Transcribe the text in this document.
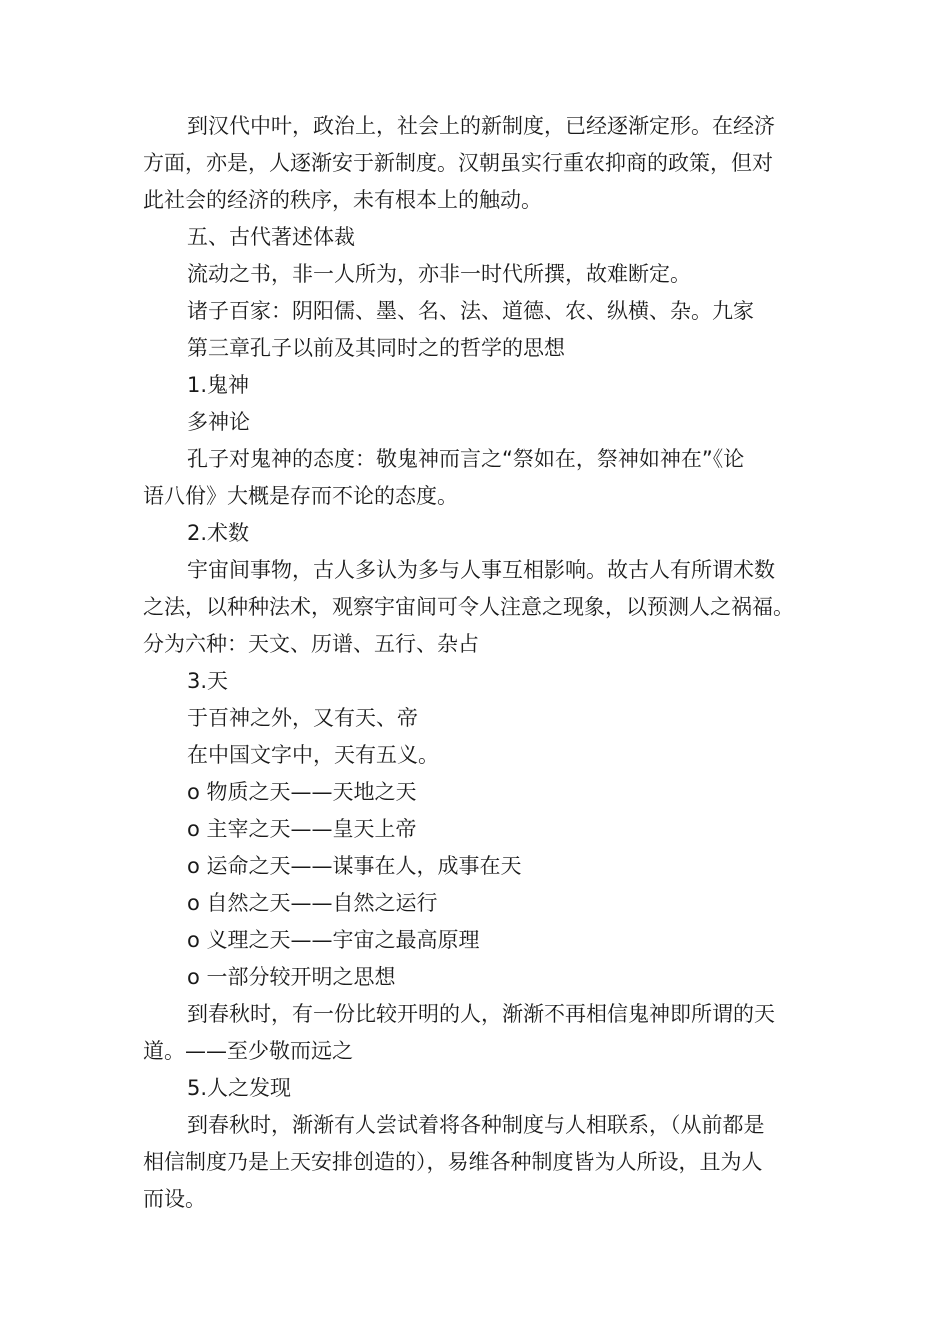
到汉代中叶，政治上，社会上的新制度，已经逐渐定形。在经济
方面，亦是，人逐渐安于新制度。汉朝虽实行重农抑商的政策，但对
此社会的经济的秩序，未有根本上的触动。
五、古代著述体裁
流动之书，非一人所为，亦非一时代所撰，故难断定。
诸子百家：阴阳儒、墨、名、法、道德、农、纵横、杂。九家
第三章孔子以前及其同时之的哲学的思想
1.鬼神
多神论
孔子对鬼神的态度：敬鬼神而言之“祭如在，祭神如神在”《论
语八佾》大概是存而不论的态度。
2.术数
宇宙间事物，古人多认为多与人事互相影响。故古人有所谓术数
之法，以种种法术，观察宇宙间可令人注意之现象，以预测人之祸福。
分为六种：天文、历谱、五行、杂占
3.天
于百神之外，又有天、帝
在中国文字中，天有五义。
o 物质之天——天地之天
o 主宰之天——皇天上帝
o 运命之天——谋事在人，成事在天
o 自然之天——自然之运行
o 义理之天——宇宙之最高原理
o 一部分较开明之思想
到春秋时，有一份比较开明的人，渐渐不再相信鬼神即所谓的天
道。——至少敬而远之
5.人之发现
到春秋时，渐渐有人尝试着将各种制度与人相联系，（从前都是
相信制度乃是上天安排创造的），易维各种制度皆为人所设，且为人
而设。
